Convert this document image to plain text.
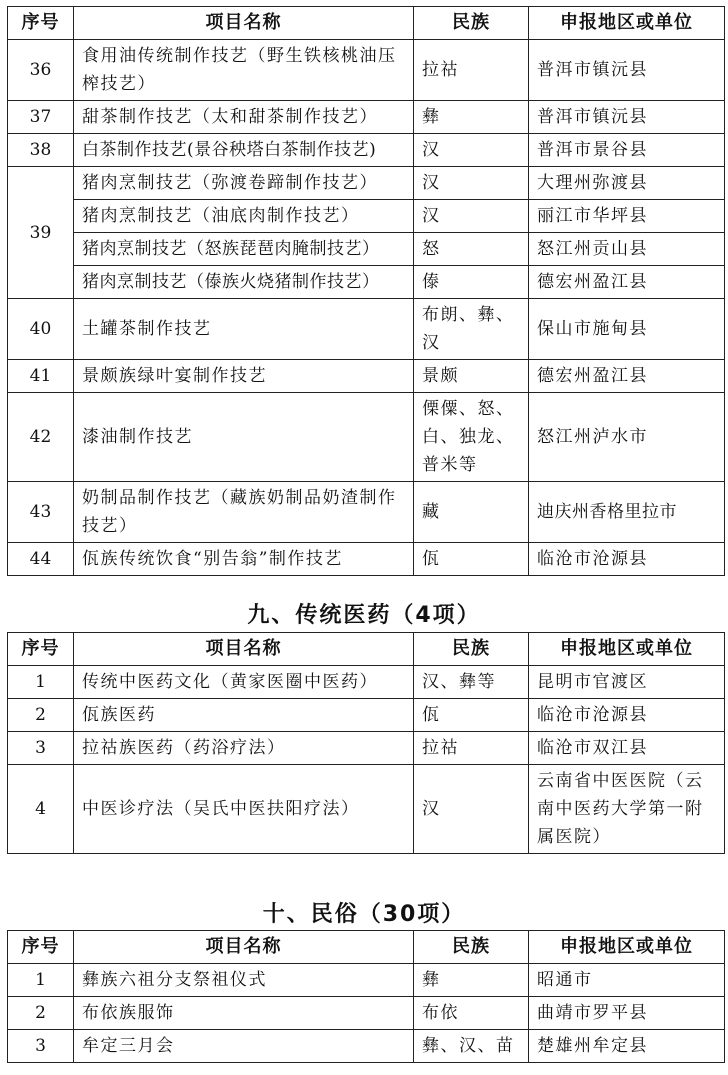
序号	项目名称	民族	申报地区或单位
36	食用油传统制作技艺（野生铁核桃油压榨技艺）	拉祜	普洱市镇沅县
37	甜茶制作技艺（太和甜茶制作技艺）	彝	普洱市镇沅县
38	白茶制作技艺(景谷秧塔白茶制作技艺)	汉	普洱市景谷县
39	猪肉烹制技艺（弥渡卷蹄制作技艺）	汉	大理州弥渡县
	猪肉烹制技艺（油底肉制作技艺）	汉	丽江市华坪县
	猪肉烹制技艺（怒族琵琶肉腌制技艺）	怒	怒江州贡山县
	猪肉烹制技艺（傣族火烧猪制作技艺）	傣	德宏州盈江县
40	土罐茶制作技艺	布朗、彝、汉	保山市施甸县
41	景颇族绿叶宴制作技艺	景颇	德宏州盈江县
42	漆油制作技艺	傈僳、怒、白、独龙、普米等	怒江州泸水市
43	奶制品制作技艺（藏族奶制品奶渣制作技艺）	藏	迪庆州香格里拉市
44	佤族传统饮食“别告翁”制作技艺	佤	临沧市沧源县
九、传统医药（4项）
序号	项目名称	民族	申报地区或单位
1	传统中医药文化（黄家医圈中医药）	汉、彝等	昆明市官渡区
2	佤族医药	佤	临沧市沧源县
3	拉祜族医药（药浴疗法）	拉祜	临沧市双江县
4	中医诊疗法（吴氏中医扶阳疗法）	汉	云南省中医医院（云南中医药大学第一附属医院）
十、民俗（30项）
序号	项目名称	民族	申报地区或单位
1	彝族六祖分支祭祖仪式	彝	昭通市
2	布依族服饰	布依	曲靖市罗平县
3	牟定三月会	彝、汉、苗	楚雄州牟定县
